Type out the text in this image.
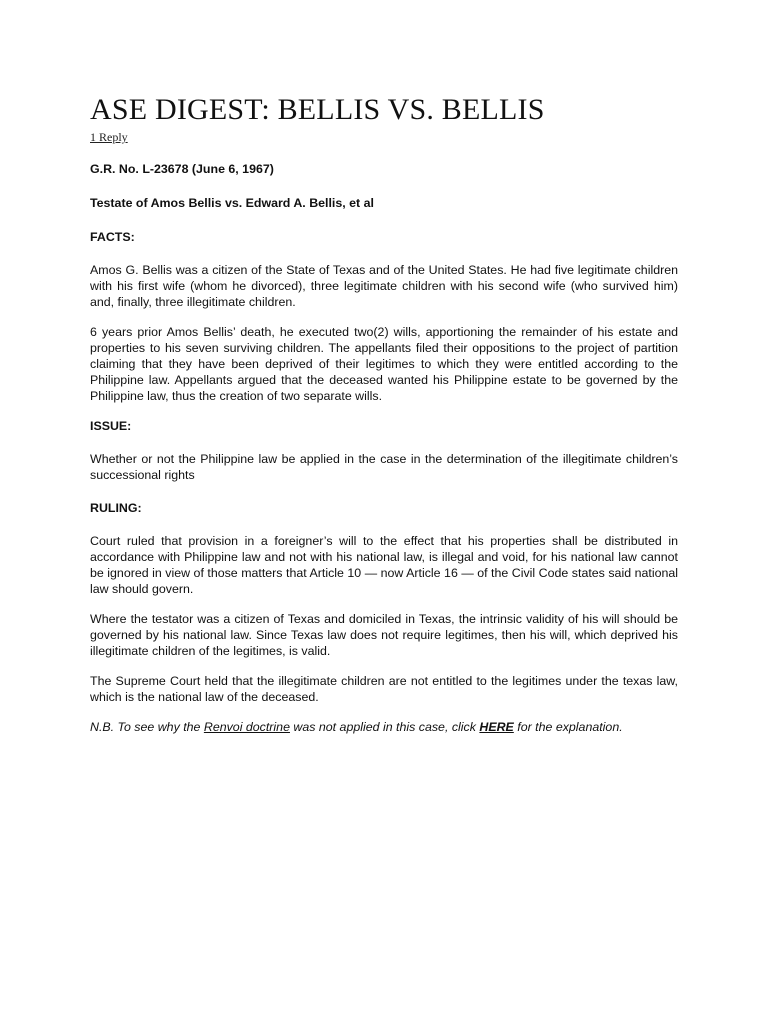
ASE DIGEST: BELLIS VS. BELLIS
1 Reply

G.R. No. L-23678 (June 6, 1967)

Testate of Amos Bellis vs. Edward A. Bellis, et al

FACTS:

Amos G. Bellis was a citizen of the State of Texas and of the United States. He had five legitimate children with his first wife (whom he divorced), three legitimate children with his second wife (who survived him) and, finally, three illegitimate children.

6 years prior Amos Bellis’ death, he executed two(2) wills, apportioning the remainder of his estate and properties to his seven surviving children. The appellants filed their oppositions to the project of partition claiming that they have been deprived of their legitimes to which they were entitled according to the Philippine law. Appellants argued that the deceased wanted his Philippine estate to be governed by the Philippine law, thus the creation of two separate wills.

ISSUE:

Whether or not the Philippine law be applied in the case in the determination of the illegitimate children’s successional rights

RULING:

Court ruled that provision in a foreigner’s will to the effect that his properties shall be distributed in accordance with Philippine law and not with his national law, is illegal and void, for his national law cannot be ignored in view of those matters that Article 10 — now Article 16 — of the Civil Code states said national law should govern.

Where the testator was a citizen of Texas and domiciled in Texas, the intrinsic validity of his will should be governed by his national law. Since Texas law does not require legitimes, then his will, which deprived his illegitimate children of the legitimes, is valid.

The Supreme Court held that the illegitimate children are not entitled to the legitimes under the texas law, which is the national law of the deceased.

N.B. To see why the Renvoi doctrine was not applied in this case, click HERE for the explanation.
